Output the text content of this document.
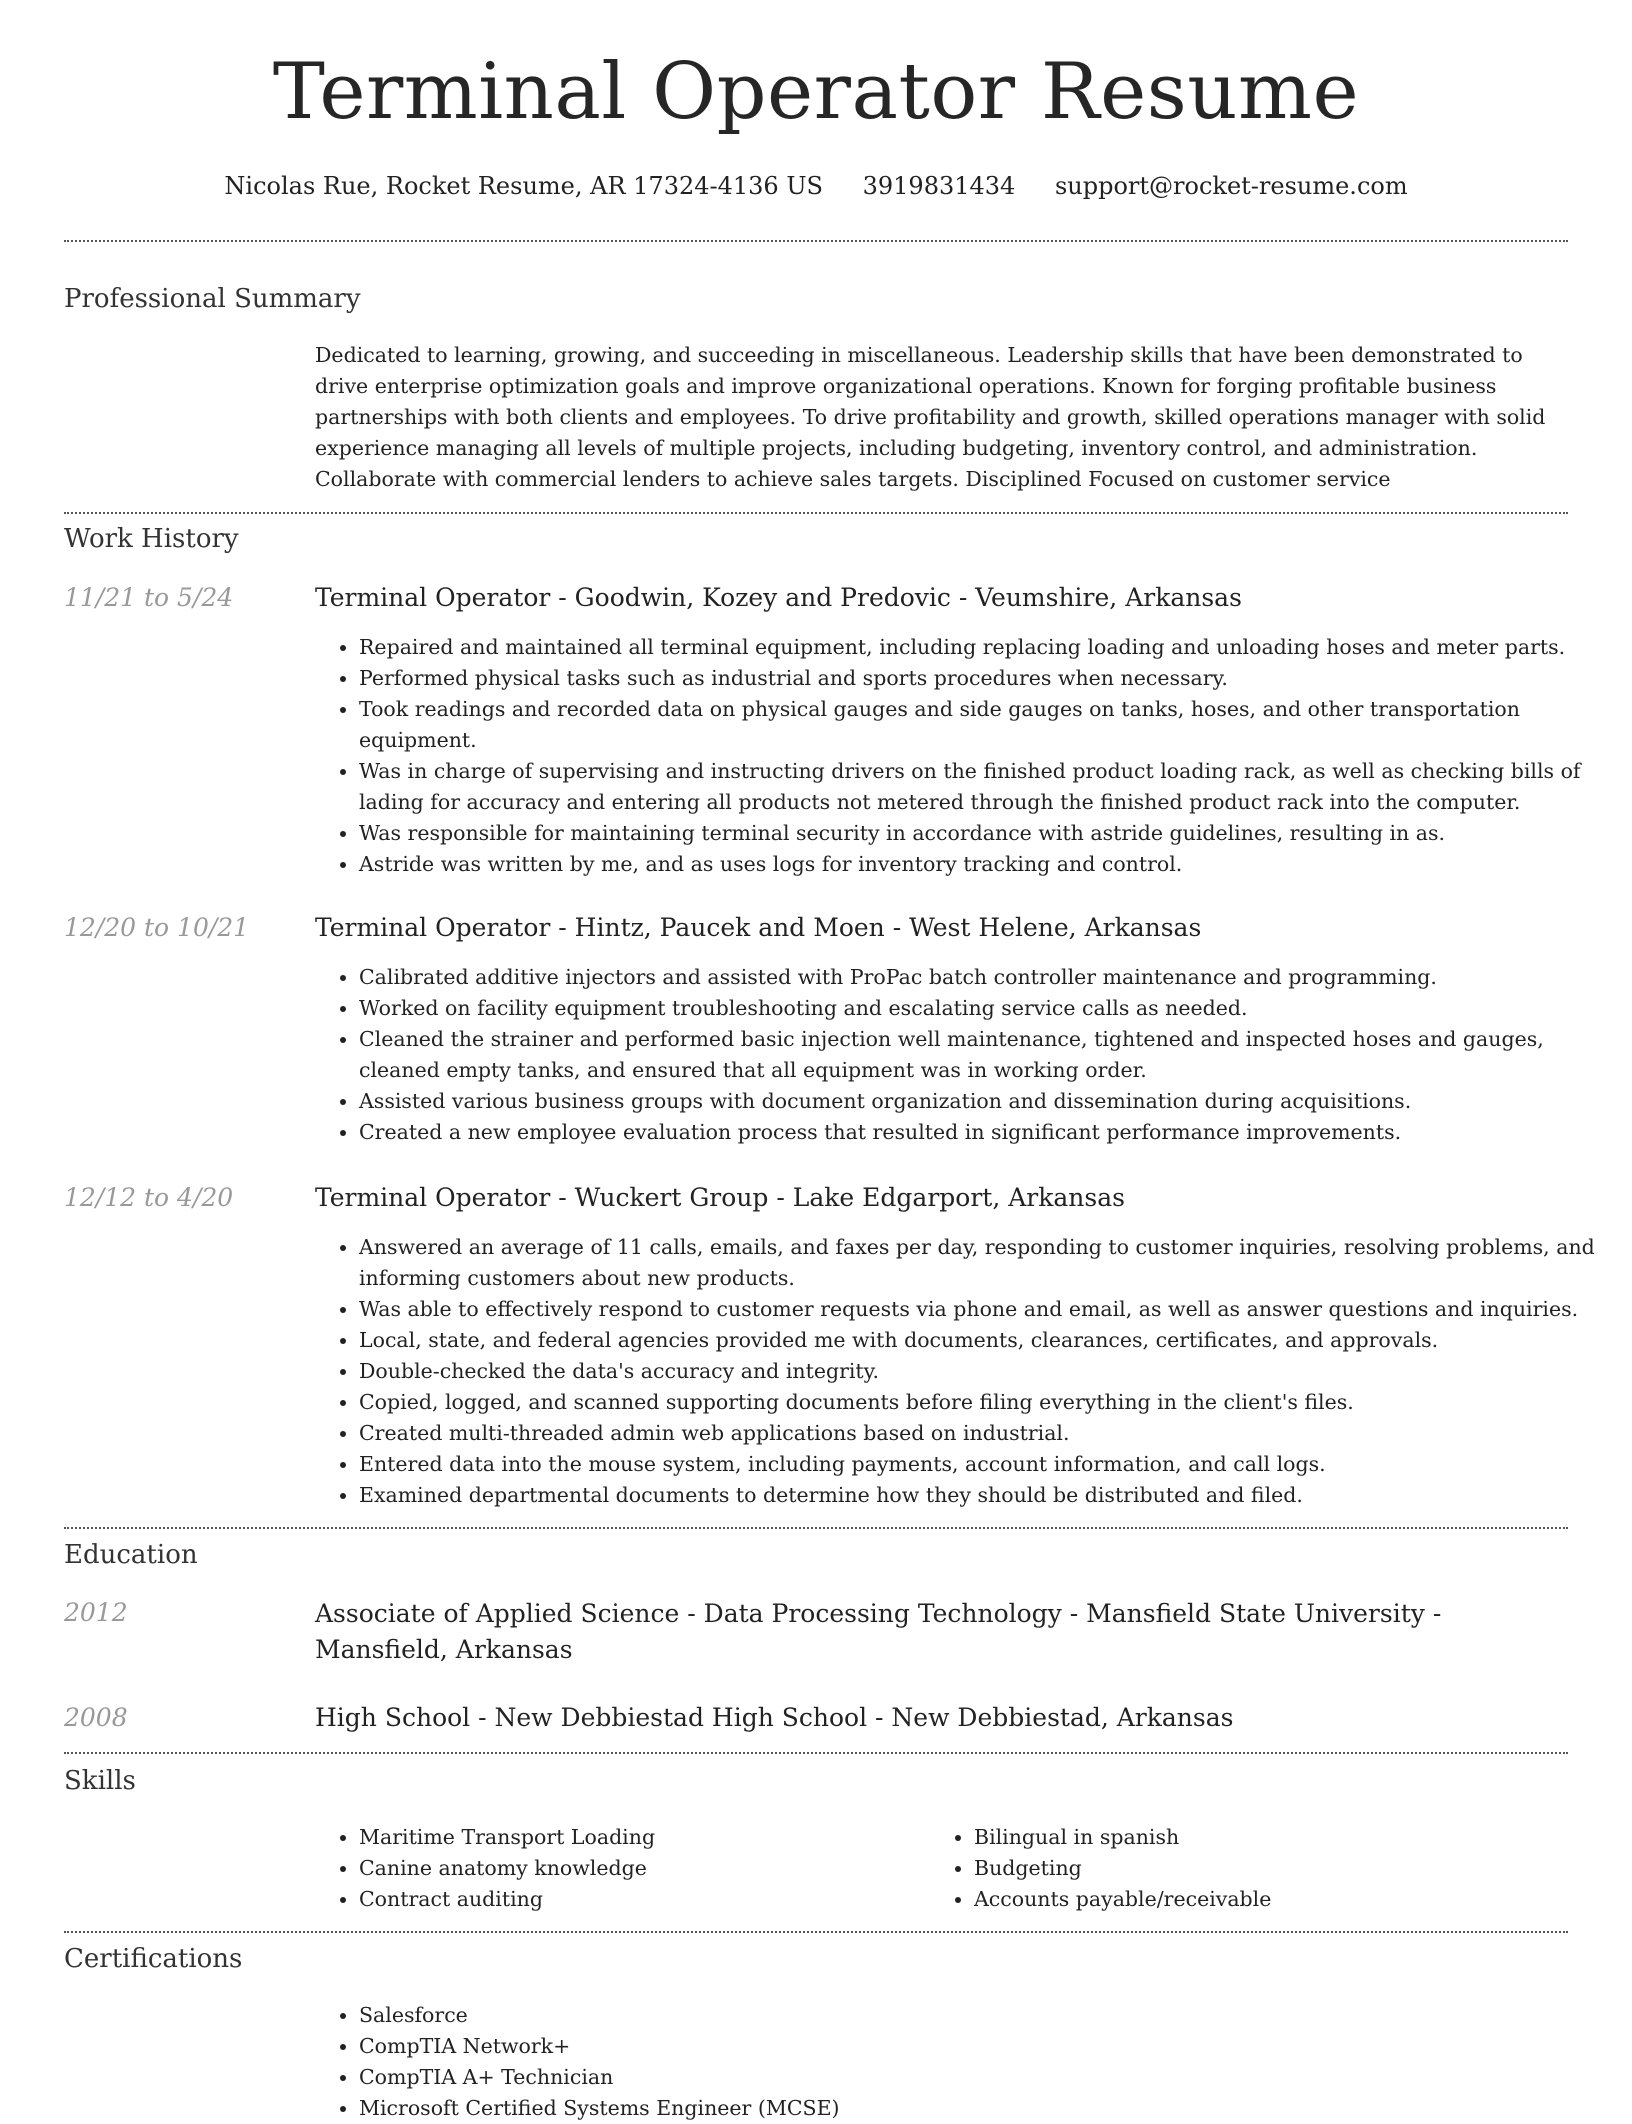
Terminal Operator Resume

Nicolas Rue, Rocket Resume, AR 17324-4136 US 3919831434 support@rocket-resume.com

Professional Summary

Dedicated to learning, growing, and succeeding in miscellaneous. Leadership skills that have been demonstrated to drive enterprise optimization goals and improve organizational operations. Known for forging profitable business partnerships with both clients and employees. To drive profitability and growth, skilled operations manager with solid experience managing all levels of multiple projects, including budgeting, inventory control, and administration. Collaborate with commercial lenders to achieve sales targets. Disciplined Focused on customer service

Work History

11/21 to 5/24	Terminal Operator - Goodwin, Kozey and Predovic - Veumshire, Arkansas
• Repaired and maintained all terminal equipment, including replacing loading and unloading hoses and meter parts.
• Performed physical tasks such as industrial and sports procedures when necessary.
• Took readings and recorded data on physical gauges and side gauges on tanks, hoses, and other transportation equipment.
• Was in charge of supervising and instructing drivers on the finished product loading rack, as well as checking bills of lading for accuracy and entering all products not metered through the finished product rack into the computer.
• Was responsible for maintaining terminal security in accordance with astride guidelines, resulting in as.
• Astride was written by me, and as uses logs for inventory tracking and control.

12/20 to 10/21	Terminal Operator - Hintz, Paucek and Moen - West Helene, Arkansas
• Calibrated additive injectors and assisted with ProPac batch controller maintenance and programming.
• Worked on facility equipment troubleshooting and escalating service calls as needed.
• Cleaned the strainer and performed basic injection well maintenance, tightened and inspected hoses and gauges, cleaned empty tanks, and ensured that all equipment was in working order.
• Assisted various business groups with document organization and dissemination during acquisitions.
• Created a new employee evaluation process that resulted in significant performance improvements.

12/12 to 4/20	Terminal Operator - Wuckert Group - Lake Edgarport, Arkansas
• Answered an average of 11 calls, emails, and faxes per day, responding to customer inquiries, resolving problems, and informing customers about new products.
• Was able to effectively respond to customer requests via phone and email, as well as answer questions and inquiries.
• Local, state, and federal agencies provided me with documents, clearances, certificates, and approvals.
• Double-checked the data's accuracy and integrity.
• Copied, logged, and scanned supporting documents before filing everything in the client's files.
• Created multi-threaded admin web applications based on industrial.
• Entered data into the mouse system, including payments, account information, and call logs.
• Examined departmental documents to determine how they should be distributed and filed.
Education

2012	Associate of Applied Science - Data Processing Technology - Mansfield State University - Mansfield, Arkansas

2008	High School - New Debbiestad High School - New Debbiestad, Arkansas
Skills
• Maritime Transport Loading
• Canine anatomy knowledge
• Contract auditing
• Bilingual in spanish
• Budgeting
• Accounts payable/receivable
Certifications
• Salesforce
• CompTIA Network+
• CompTIA A+ Technician
• Microsoft Certified Systems Engineer (MCSE)
